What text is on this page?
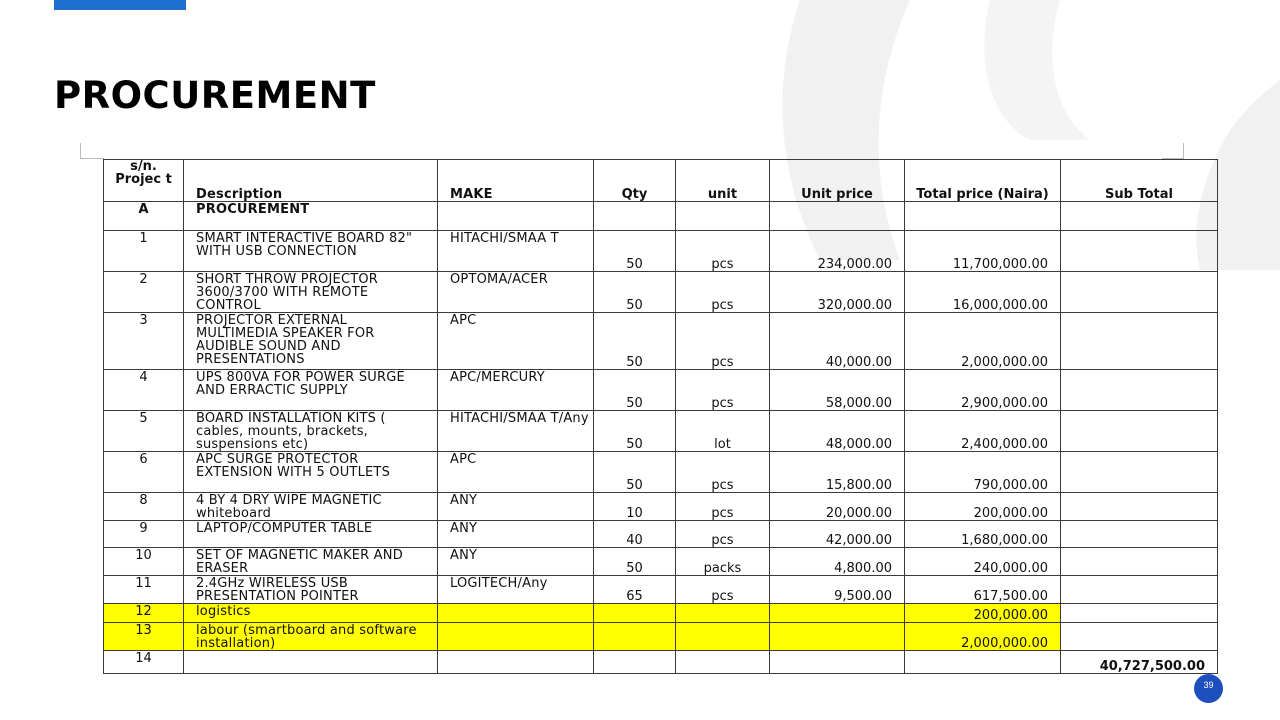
PROCUREMENT
s/n. Projec t	Description	MAKE	Qty	unit	Unit price	Total price (Naira)	Sub Total
A	PROCUREMENT						
1	SMART INTERACTIVE BOARD 82" WITH USB CONNECTION	HITACHI/SMAA T	50	pcs	234,000.00	11,700,000.00	
2	SHORT THROW PROJECTOR 3600/3700 WITH REMOTE CONTROL	OPTOMA/ACER	50	pcs	320,000.00	16,000,000.00	
3	PROJECTOR EXTERNAL MULTIMEDIA SPEAKER FOR AUDIBLE SOUND AND PRESENTATIONS	APC	50	pcs	40,000.00	2,000,000.00	
4	UPS 800VA FOR POWER SURGE AND ERRACTIC SUPPLY	APC/MERCURY	50	pcs	58,000.00	2,900,000.00	
5	BOARD INSTALLATION KITS ( cables, mounts, brackets, suspensions etc)	HITACHI/SMAA T/Any	50	lot	48,000.00	2,400,000.00	
6	APC SURGE PROTECTOR EXTENSION WITH 5 OUTLETS	APC	50	pcs	15,800.00	790,000.00	
8	4 BY 4 DRY WIPE MAGNETIC whiteboard	ANY	10	pcs	20,000.00	200,000.00	
9	LAPTOP/COMPUTER TABLE	ANY	40	pcs	42,000.00	1,680,000.00	
10	SET OF MAGNETIC MAKER AND ERASER	ANY	50	packs	4,800.00	240,000.00	
11	2.4GHz WIRELESS USB PRESENTATION POINTER	LOGITECH/Any	65	pcs	9,500.00	617,500.00	
12	logistics					200,000.00	
13	labour (smartboard and software installation)					2,000,000.00	
14							40,727,500.00
39
